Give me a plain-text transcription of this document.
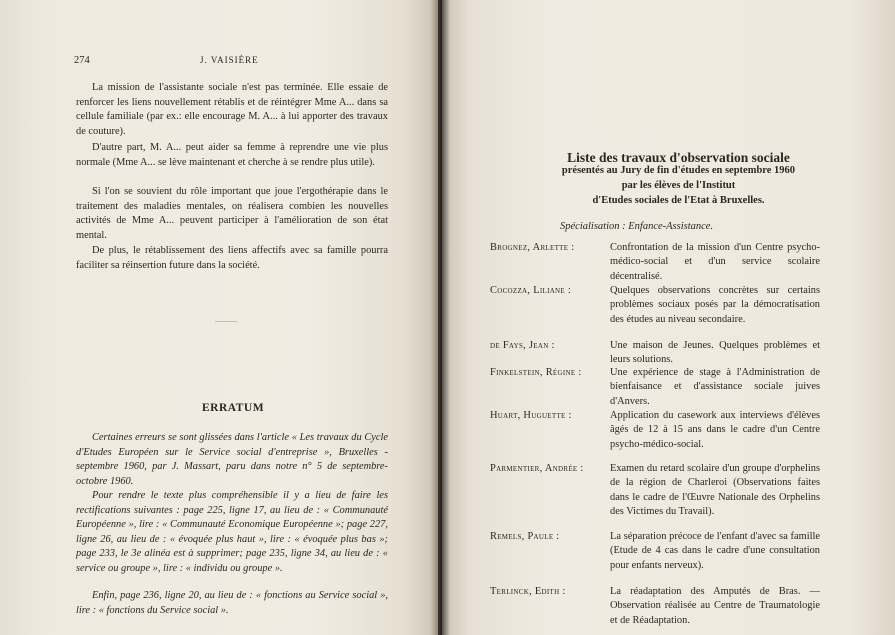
274	J. VAISIÈRE

La mission de l'assistante sociale n'est pas terminée. Elle essaie de renforcer les liens nouvellement rétablis et de réintégrer Mme A... dans sa cellule familiale (par ex.: elle encourage M. A... à lui apporter des travaux de couture).

D'autre part, M. A... peut aider sa femme à reprendre une vie plus normale (Mme A... se lève maintenant et cherche à se rendre plus utile).

Si l'on se souvient du rôle important que joue l'ergothérapie dans le traitement des maladies mentales, on réalisera combien les nouvelles activités de Mme A... peuvent participer à l'amélioration de son état mental.

De plus, le rétablissement des liens affectifs avec sa famille pourra faciliter sa réinsertion future dans la société.

———
ERRATUM

Certaines erreurs se sont glissées dans l'article « Les travaux du Cycle d'Etudes Européen sur le Service social d'entreprise », Bruxelles - septembre 1960, par J. Massart, paru dans notre n° 5 de septembre-octobre 1960.

Pour rendre le texte plus compréhensible il y a lieu de faire les rectifications suivantes : page 225, ligne 17, au lieu de : « Communauté Européenne », lire : « Communauté Economique Européenne »; page 227, ligne 26, au lieu de : « évoquée plus haut », lire : « évoquée plus bas »; page 233, le 3e alinéa est à supprimer; page 235, ligne 34, au lieu de : « service ou groupe », lire : « individu ou groupe ».

Enfin, page 236, ligne 20, au lieu de : « fonctions au Service social », lire : « fonctions du Service social ».

Liste des travaux d'observation sociale
présentés au Jury de fin d'études en septembre 1960
par les élèves de l'Institut
d'Etudes sociales de l'Etat à Bruxelles.
Spécialisation : Enfance-Assistance.
Brognez, Arlette :	Confrontation de la mission d'un Centre psycho-médico-social et d'un service scolaire décentralisé.
Cocozza, Liliane :	Quelques observations concrètes sur certains problèmes sociaux posés par la démocratisation des études au niveau secondaire.
de Fays, Jean :	Une maison de Jeunes. Quelques problèmes et leurs solutions.
Finkelstein, Régine :	Une expérience de stage à l'Administration de bienfaisance et d'assistance sociale juives d'Anvers.
Huart, Huguette :	Application du casework aux interviews d'élèves âgés de 12 à 15 ans dans le cadre d'un Centre psycho-médico-social.
Parmentier, Andrée :	Examen du retard scolaire d'un groupe d'orphelins de la région de Charleroi (Observations faites dans le cadre de l'Œuvre Nationale des Orphelins des Victimes du Travail).
Remels, Paule :	La séparation précoce de l'enfant d'avec sa famille (Etude de 4 cas dans le cadre d'une consultation pour enfants nerveux).
Terlinck, Edith :	La réadaptation des Amputés de Bras. — Observation réalisée au Centre de Traumatologie et de Réadaptation.
